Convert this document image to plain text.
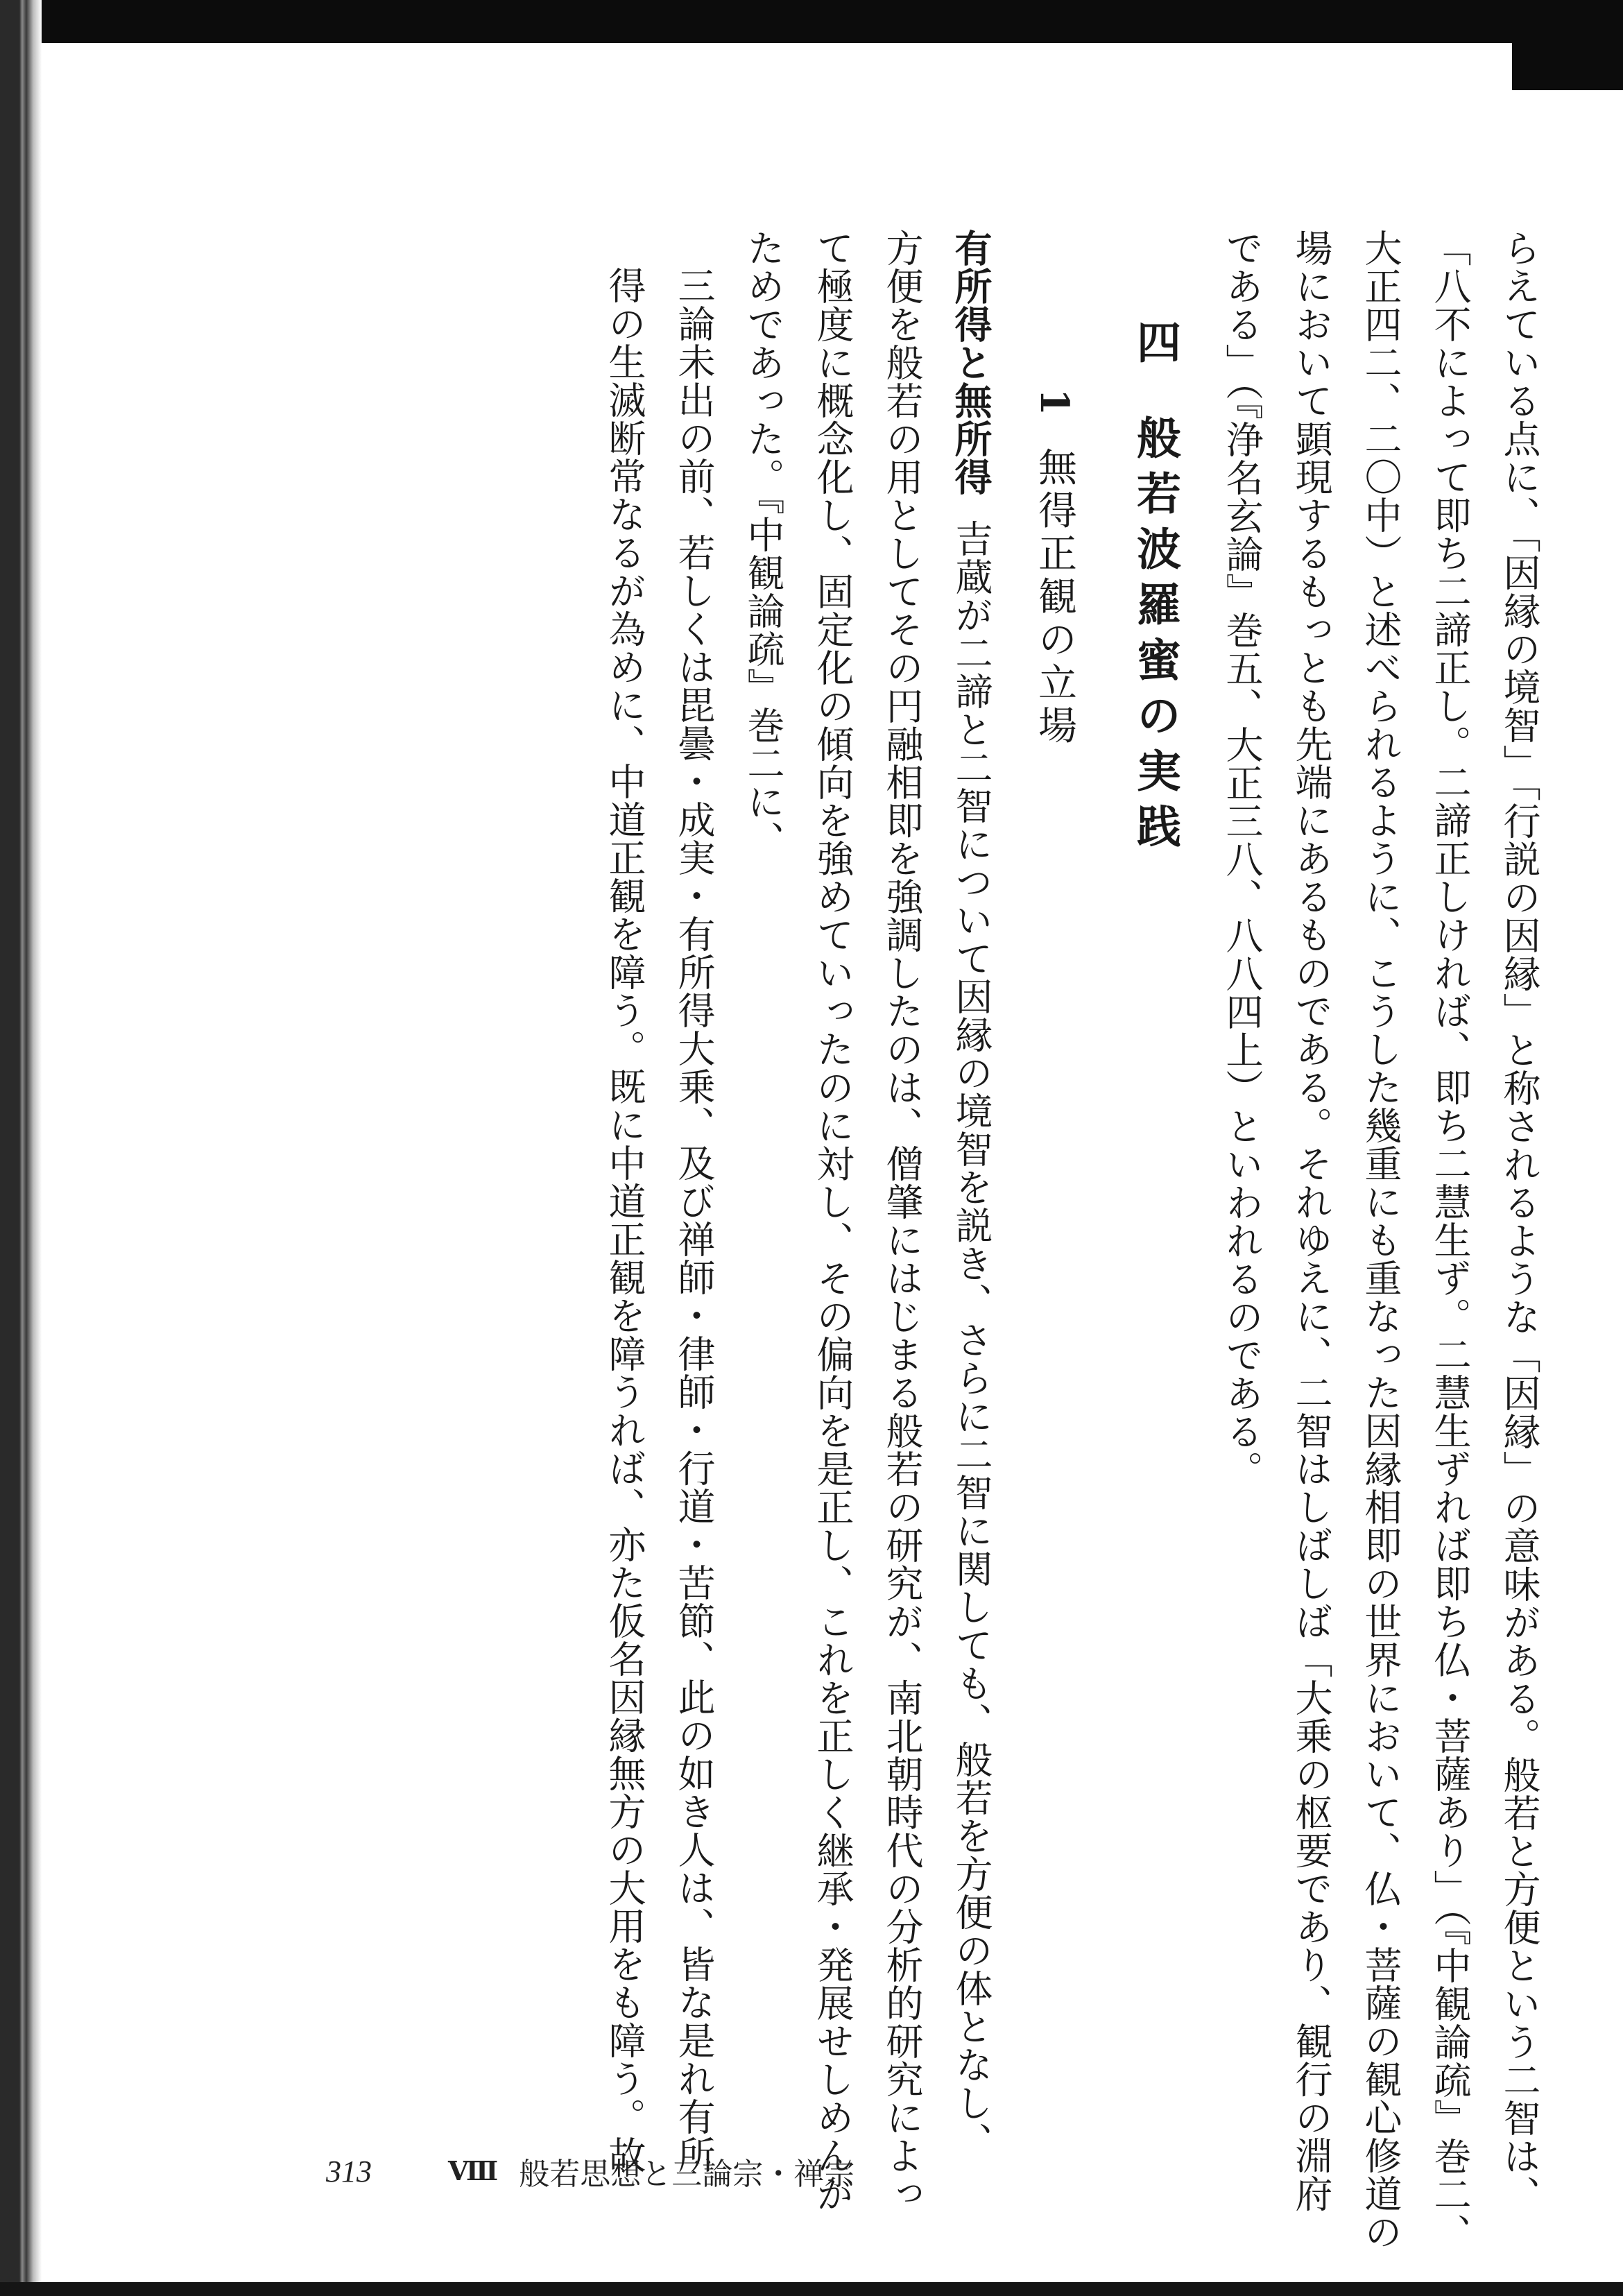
らえている点に、「因縁の境智」「行説の因縁」と称されるような「因縁」の意味がある。般若と方便という二智は、
「八不によって即ち二諦正し。二諦正しければ、即ち二慧生ず。二慧生ずれば即ち仏・菩薩あり」（『中観論疏』巻二、
大正四二、二〇中）と述べられるように、こうした幾重にも重なった因縁相即の世界において、仏・菩薩の観心修道の
場において顕現するもっとも先端にあるものである。それゆえに、二智はしばしば「大乗の枢要であり、観行の淵府
である」（『浄名玄論』巻五、大正三八、八八四上）といわれるのである。
四般若波羅蜜の実践
1無得正観の立場
有所得と無所得吉蔵が二諦と二智について因縁の境智を説き、さらに二智に関しても、般若を方便の体となし、
方便を般若の用としてその円融相即を強調したのは、僧肇にはじまる般若の研究が、南北朝時代の分析的研究によっ
て極度に概念化し、固定化の傾向を強めていったのに対し、その偏向を是正し、これを正しく継承・発展せしめんが
ためであった。『中観論疏』巻二に、
三論未出の前、若しくは毘曇・成実・有所得大乗、及び禅師・律師・行道・苦節、此の如き人は、皆な是れ有所
得の生滅断常なるが為めに、中道正観を障う。既に中道正観を障うれば、亦た仮名因縁無方の大用をも障う。故
313	Ⅷ 般若思想と三論宗・禅宗
